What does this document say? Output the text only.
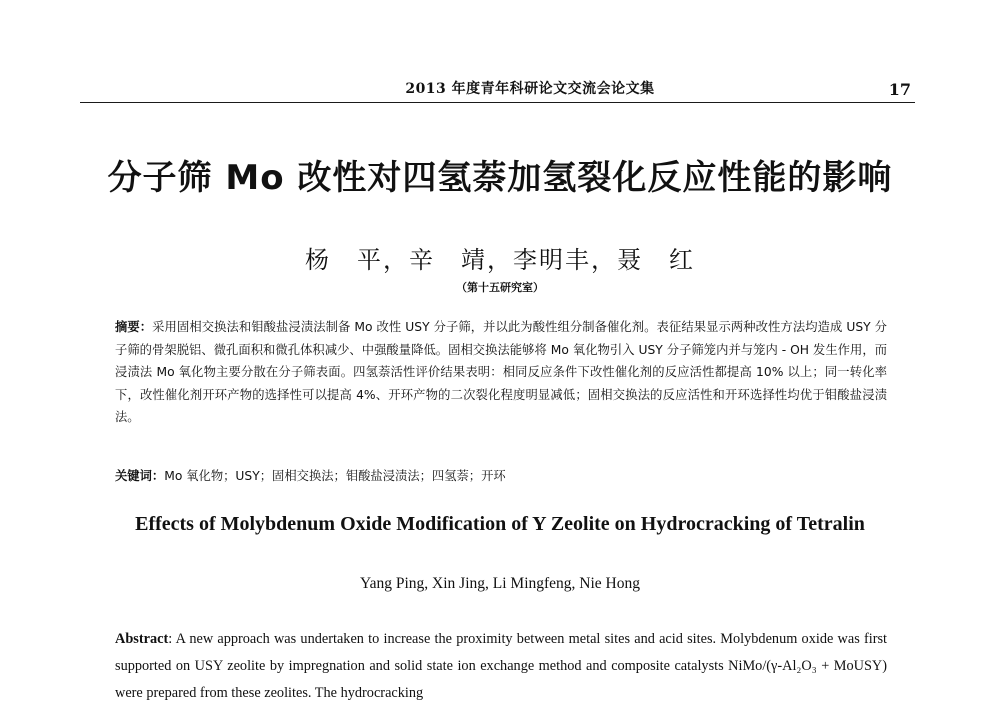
2013 年度青年科研论文交流会论文集	17
分子筛 Mo 改性对四氢萘加氢裂化反应性能的影响
杨　平，辛　靖，李明丰，聂　红
（第十五研究室）
摘要：采用固相交换法和钼酸盐浸渍法制备 Mo 改性 USY 分子筛，并以此为酸性组分制备催化剂。表征结果显示两种改性方法均造成 USY 分子筛的骨架脱铝、微孔面积和微孔体积减少、中强酸量降低。固相交换法能够将 Mo 氧化物引入 USY 分子筛笼内并与笼内 - OH 发生作用，而浸渍法 Mo 氧化物主要分散在分子筛表面。四氢萘活性评价结果表明：相同反应条件下改性催化剂的反应活性都提高 10% 以上；同一转化率下，改性催化剂开环产物的选择性可以提高 4%、开环产物的二次裂化程度明显减低；固相交换法的反应活性和开环选择性均优于钼酸盐浸渍法。
关键词：Mo 氧化物；USY；固相交换法；钼酸盐浸渍法；四氢萘；开环
Effects of Molybdenum Oxide Modification of Y Zeolite on Hydrocracking of Tetralin
Yang Ping, Xin Jing, Li Mingfeng, Nie Hong
Abstract: A new approach was undertaken to increase the proximity between metal sites and acid sites. Molybdenum oxide was first supported on USY zeolite by impregnation and solid state ion exchange method and composite catalysts NiMo/(γ-Al₂O₃ + MoUSY) were prepared from these zeolites. The hydrocracking
